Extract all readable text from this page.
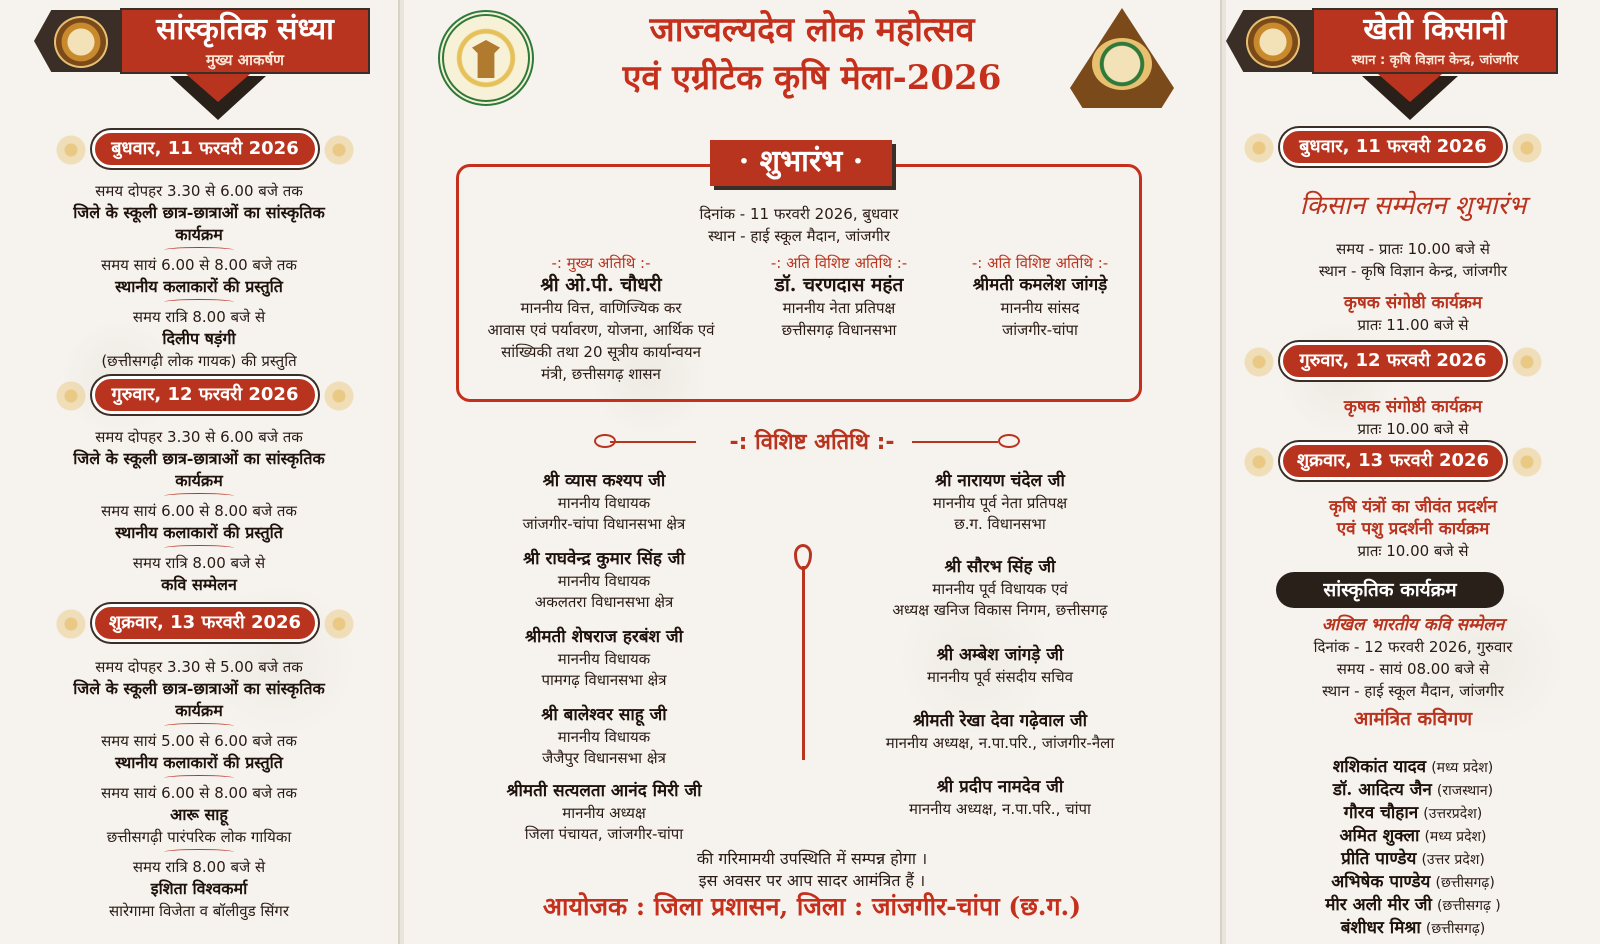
सांस्कृतिक संध्या
मुख्य आकर्षण
बुधवार, 11 फरवरी 2026
समय दोपहर 3.30 से 6.00 बजे तक
जिले के स्कूली छात्र-छात्राओं का सांस्कृतिक कार्यक्रम
समय सायं 6.00 से 8.00 बजे तक
स्थानीय कलाकारों की प्रस्तुति
समय रात्रि 8.00 बजे से
दिलीप षड़ंगी
(छत्तीसगढ़ी लोक गायक) की प्रस्तुति
गुरुवार, 12 फरवरी 2026
समय दोपहर 3.30 से 6.00 बजे तक
जिले के स्कूली छात्र-छात्राओं का सांस्कृतिक कार्यक्रम
समय सायं 6.00 से 8.00 बजे तक
स्थानीय कलाकारों की प्रस्तुति
समय रात्रि 8.00 बजे से
कवि सम्मेलन
शुक्रवार, 13 फरवरी 2026
समय दोपहर 3.30 से 5.00 बजे तक
जिले के स्कूली छात्र-छात्राओं का सांस्कृतिक कार्यक्रम
समय सायं 5.00 से 6.00 बजे तक
स्थानीय कलाकारों की प्रस्तुति
समय सायं 6.00 से 8.00 बजे तक
आरू साहू
छत्तीसगढ़ी पारंपरिक लोक गायिका
समय रात्रि 8.00 बजे से
इशिता विश्वकर्मा
सारेगामा विजेता व बॉलीवुड सिंगर
जाज्वल्यदेव लोक महोत्सव
एवं एग्रीटेक कृषि मेला-2026
दिनांक - 11 फरवरी 2026, बुधवार
स्थान - हाई स्कूल मैदान, जांजगीर
-: मुख्य अतिथि :-
श्री ओ.पी. चौधरी
माननीय वित्त, वाणिज्यिक कर
आवास एवं पर्यावरण, योजना, आर्थिक एवं
सांख्यिकी तथा 20 सूत्रीय कार्यान्वयन
मंत्री, छत्तीसगढ़ शासन
-: अति विशिष्ट अतिथि :-
डॉ. चरणदास महंत
माननीय नेता प्रतिपक्ष
छत्तीसगढ़ विधानसभा
-: अति विशिष्ट अतिथि :-
श्रीमती कमलेश जांगड़े
माननीय सांसद
जांजगीर-चांपा
· शुभारंभ ·
-: विशिष्ट अतिथि :-
श्री व्यास कश्यप जी
माननीय विधायक
जांजगीर-चांपा विधानसभा क्षेत्र
श्री राघवेन्द्र कुमार सिंह जी
माननीय विधायक
अकलतरा विधानसभा क्षेत्र
श्रीमती शेषराज हरबंश जी
माननीय विधायक
पामगढ़ विधानसभा क्षेत्र
श्री बालेश्वर साहू जी
माननीय विधायक
जैजैपुर विधानसभा क्षेत्र
श्रीमती सत्यलता आनंद मिरी जी
माननीय अध्यक्ष
जिला पंचायत, जांजगीर-चांपा
श्री नारायण चंदेल जी
माननीय पूर्व नेता प्रतिपक्ष
छ.ग. विधानसभा
श्री सौरभ सिंह जी
माननीय पूर्व विधायक एवं
अध्यक्ष खनिज विकास निगम, छत्तीसगढ़
श्री अम्बेश जांगड़े जी
माननीय पूर्व संसदीय सचिव
श्रीमती रेखा देवा गढ़ेवाल जी
माननीय अध्यक्ष, न.पा.परि., जांजगीर-नैला
श्री प्रदीप नामदेव जी
माननीय अध्यक्ष, न.पा.परि., चांपा
की गरिमामयी उपस्थिति में सम्पन्न होगा ।
इस अवसर पर आप सादर आमंत्रित हैं ।
आयोजक : जिला प्रशासन, जिला : जांजगीर-चांपा (छ.ग.)
खेती किसानी
स्थान : कृषि विज्ञान केन्द्र, जांजगीर
बुधवार, 11 फरवरी 2026
किसान सम्मेलन शुभारंभ
समय - प्रातः 10.00 बजे से
स्थान - कृषि विज्ञान केन्द्र, जांजगीर
कृषक संगोष्ठी कार्यक्रम
प्रातः 11.00 बजे से
गुरुवार, 12 फरवरी 2026
कृषक संगोष्ठी कार्यक्रम
प्रातः 10.00 बजे से
शुक्रवार, 13 फरवरी 2026
कृषि यंत्रों का जीवंत प्रदर्शन
एवं पशु प्रदर्शनी कार्यक्रम
प्रातः 10.00 बजे से
सांस्कृतिक कार्यक्रम
अखिल भारतीय कवि सम्मेलन
दिनांक - 12 फरवरी 2026, गुरुवार
समय - सायं 08.00 बजे से
स्थान - हाई स्कूल मैदान, जांजगीर
आमंत्रित कविगण
शशिकांत यादव (मध्य प्रदेश)
डॉ. आदित्य जैन (राजस्थान)
गौरव चौहान (उत्तरप्रदेश)
अमित शुक्ला (मध्य प्रदेश)
प्रीति पाण्डेय (उत्तर प्रदेश)
अभिषेक पाण्डेय (छत्तीसगढ़)
मीर अली मीर जी (छत्तीसगढ़ )
बंशीधर मिश्रा (छत्तीसगढ़)
